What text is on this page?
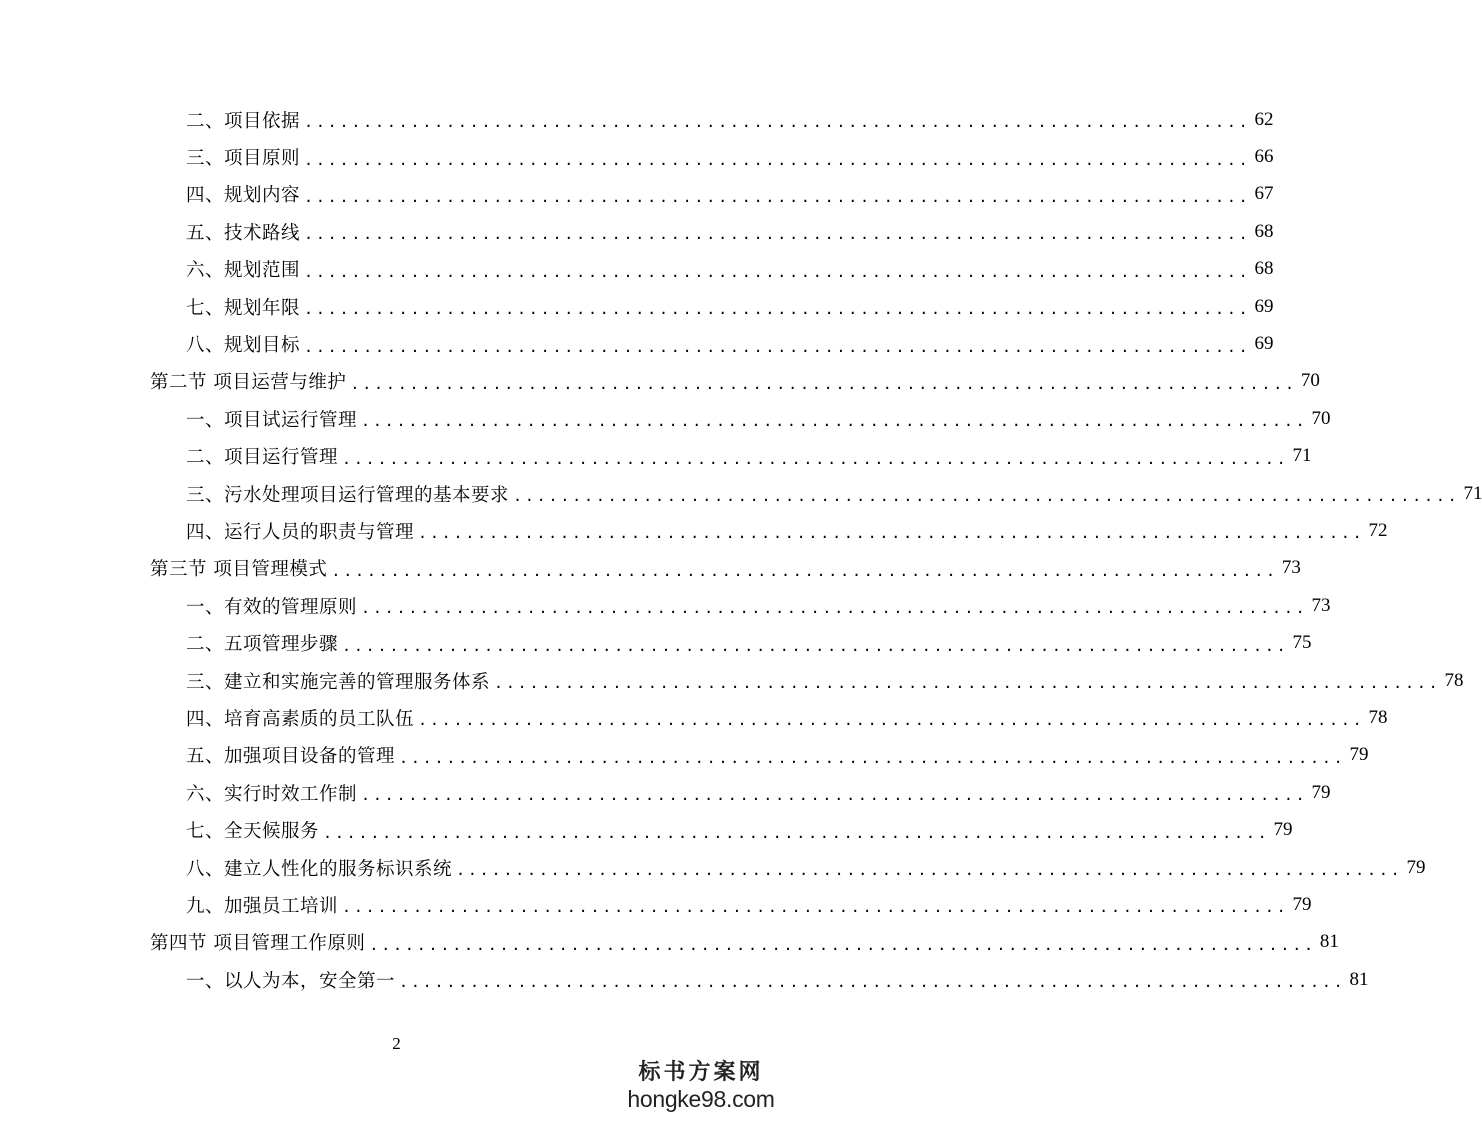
二、项目依据 ................................................................................ 62
三、项目原则 ................................................................................ 66
四、规划内容 ................................................................................ 67
五、技术路线 ................................................................................ 68
六、规划范围 ................................................................................ 68
七、规划年限 ................................................................................ 69
八、规划目标 ................................................................................ 69
第二节 项目运营与维护 ................................................................................ 70
一、项目试运行管理 ................................................................................ 70
二、项目运行管理 ................................................................................ 71
三、污水处理项目运行管理的基本要求 ................................................................................ 71
四、运行人员的职责与管理 ................................................................................ 72
第三节 项目管理模式 ................................................................................ 73
一、有效的管理原则 ................................................................................ 73
二、五项管理步骤 ................................................................................ 75
三、建立和实施完善的管理服务体系 ................................................................................ 78
四、培育高素质的员工队伍 ................................................................................ 78
五、加强项目设备的管理 ................................................................................ 79
六、实行时效工作制 ................................................................................ 79
七、全天候服务 ................................................................................ 79
八、建立人性化的服务标识系统 ................................................................................ 79
九、加强员工培训 ................................................................................ 79
第四节 项目管理工作原则 ................................................................................ 81
一、以人为本，安全第一 ................................................................................ 81
2
标书方案网
hongke98.com
